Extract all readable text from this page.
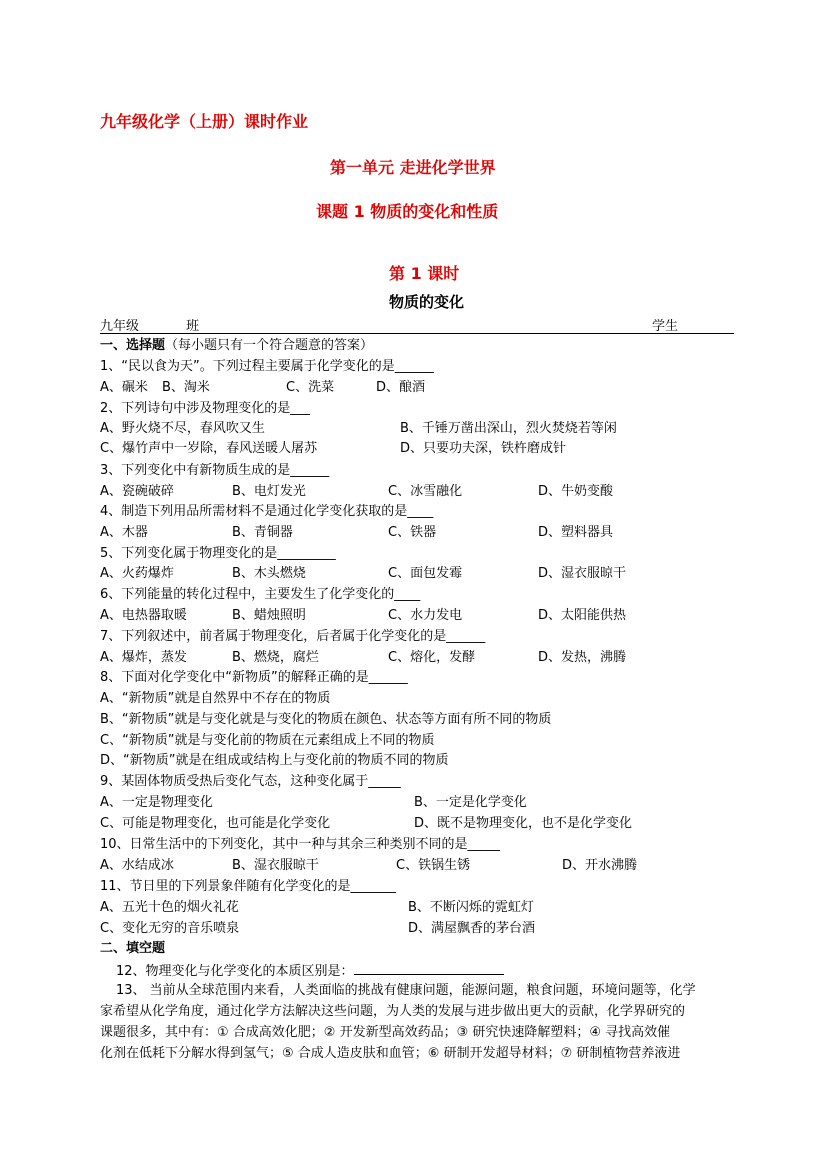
九年级化学（上册）课时作业
第一单元 走进化学世界
课题 1 物质的变化和性质
第 1 课时
物质的变化
九年级	班	学生
一、选择题（每小题只有一个符合题意的答案）
1、“民以食为天”。下列过程主要属于化学变化的是______
A、碾米 B、淘米	C、洗菜	D、酿酒
2、下列诗句中涉及物理变化的是___
A、野火烧不尽，春风吹又生	B、千锤万凿出深山，烈火焚烧若等闲
C、爆竹声中一岁除，春风送暖人屠苏	D、只要功夫深，铁杵磨成针
3、下列变化中有新物质生成的是______
A、瓷碗破碎	B、电灯发光	C、冰雪融化	D、牛奶变酸
4、制造下列用品所需材料不是通过化学变化获取的是____
A、木器	B、青铜器	C、铁器	D、塑料器具
5、下列变化属于物理变化的是_________
A、火药爆炸	B、木头燃烧	C、面包发霉	D、湿衣服晾干
6、下列能量的转化过程中，主要发生了化学变化的____
A、电热器取暖	B、蜡烛照明	C、水力发电	D、太阳能供热
7、下列叙述中，前者属于物理变化，后者属于化学变化的是______
A、爆炸，蒸发	B、燃烧，腐烂	C、熔化，发酵	D、发热，沸腾
8、下面对化学变化中“新物质”的解释正确的是______
A、“新物质”就是自然界中不存在的物质
B、“新物质”就是与变化就是与变化的物质在颜色、状态等方面有所不同的物质
C、“新物质”就是与变化前的物质在元素组成上不同的物质
D、“新物质”就是在组成或结构上与变化前的物质不同的物质
9、某固体物质受热后变化气态，这种变化属于_____
A、一定是物理变化	B、一定是化学变化
C、可能是物理变化，也可能是化学变化	D、既不是物理变化，也不是化学变化
10、日常生活中的下列变化，其中一种与其余三种类别不同的是_____
A、水结成冰	B、湿衣服晾干	C、铁锅生锈	D、开水沸腾
11、节日里的下列景象伴随有化学变化的是_______
A、五光十色的烟火礼花	B、不断闪烁的霓虹灯
C、变化无穷的音乐喷泉	D、满屋飘香的茅台酒
二、填空题
12、物理变化与化学变化的本质区别是：
13、 当前从全球范围内来看，人类面临的挑战有健康问题，能源问题，粮食问题，环境问题等，化学
家希望从化学角度，通过化学方法解决这些问题，为人类的发展与进步做出更大的贡献，化学界研究的
课题很多，其中有：① 合成高效化肥；② 开发新型高效药品；③ 研究快速降解塑料；④ 寻找高效催
化剂在低耗下分解水得到氢气；⑤ 合成人造皮肤和血管；⑥ 研制开发超导材料；⑦ 研制植物营养液进
